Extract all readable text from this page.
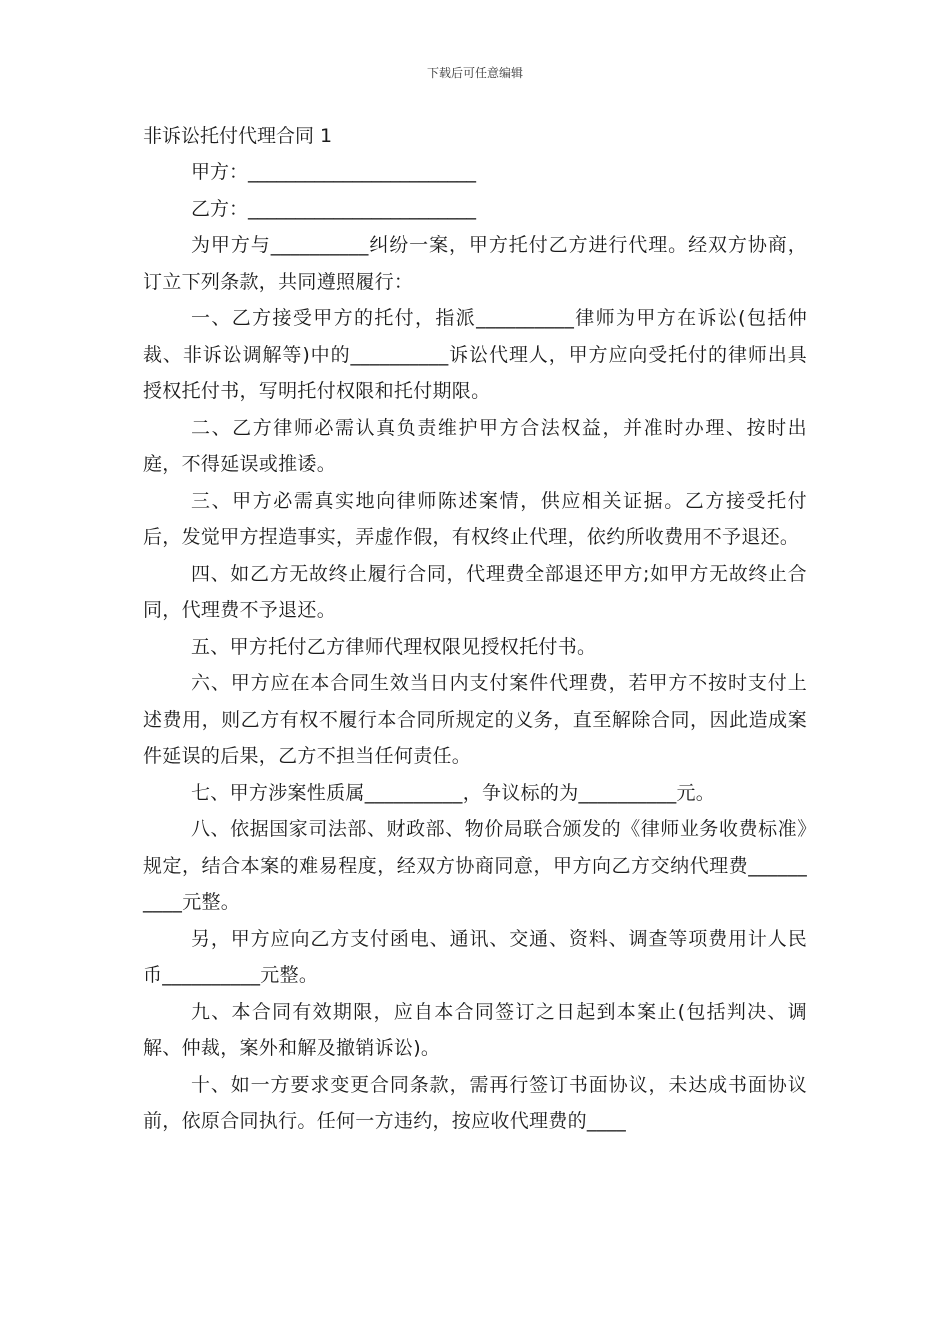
下载后可任意编辑

非诉讼托付代理合同 1

甲方：________________________

乙方：________________________

为甲方与__________纠纷一案，甲方托付乙方进行代理。经双方协商，订立下列条款，共同遵照履行：

一、乙方接受甲方的托付，指派__________律师为甲方在诉讼(包括仲裁、非诉讼调解等)中的__________诉讼代理人，甲方应向受托付的律师出具授权托付书，写明托付权限和托付期限。

二、乙方律师必需认真负责维护甲方合法权益，并准时办理、按时出庭，不得延误或推诿。

三、甲方必需真实地向律师陈述案情，供应相关证据。乙方接受托付后，发觉甲方捏造事实，弄虚作假，有权终止代理，依约所收费用不予退还。

四、如乙方无故终止履行合同，代理费全部退还甲方;如甲方无故终止合同，代理费不予退还。

五、甲方托付乙方律师代理权限见授权托付书。

六、甲方应在本合同生效当日内支付案件代理费，若甲方不按时支付上述费用，则乙方有权不履行本合同所规定的义务，直至解除合同，因此造成案件延误的后果，乙方不担当任何责任。

七、甲方涉案性质属__________，争议标的为__________元。

八、依据国家司法部、财政部、物价局联合颁发的《律师业务收费标准》规定，结合本案的难易程度，经双方协商同意，甲方向乙方交纳代理费__________元整。

另，甲方应向乙方支付函电、通讯、交通、资料、调查等项费用计人民币__________元整。

九、本合同有效期限，应自本合同签订之日起到本案止(包括判决、调解、仲裁，案外和解及撤销诉讼)。

十、如一方要求变更合同条款，需再行签订书面协议，未达成书面协议前，依原合同执行。任何一方违约，按应收代理费的____
